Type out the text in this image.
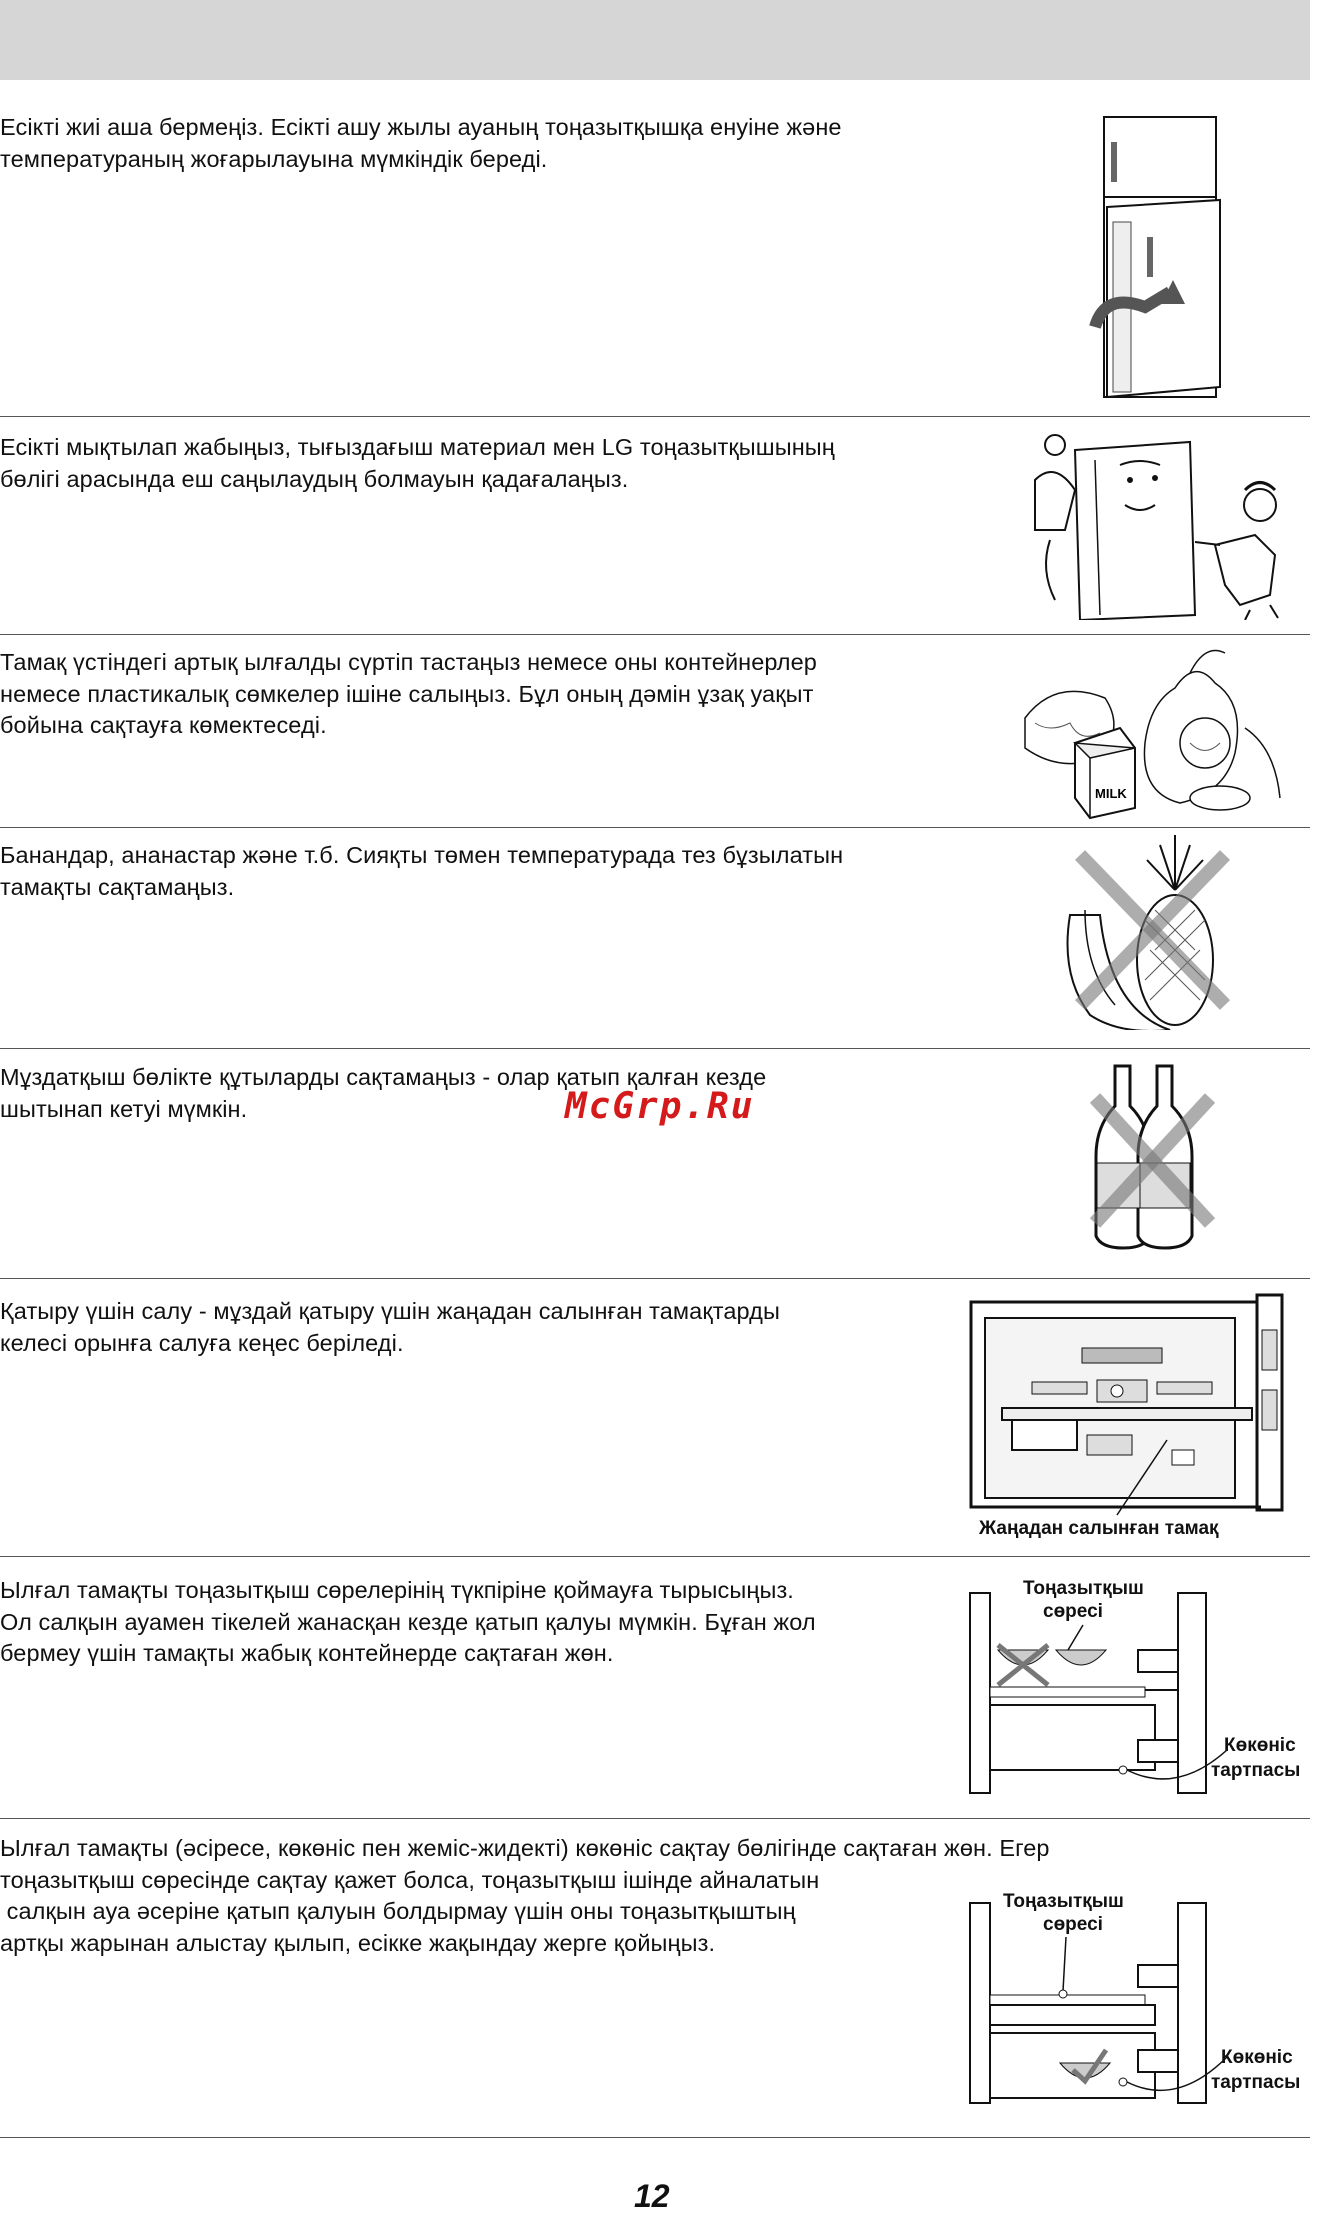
Есікті жиі аша бермеңіз. Есікті ашу жылы ауаның тоңазытқышқа енуіне және
температураның жоғарылауына мүмкіндік береді.
Есікті мықтылап жабыңыз, тығыздағыш материал мен LG тоңазытқышының
бөлігі арасында еш саңылаудың болмауын қадағалаңыз.
Тамақ үстіндегі артық ылғалды сүртіп тастаңыз немесе оны контейнерлер
немесе пластикалық сөмкелер ішіне салыңыз. Бұл оның дəмін ұзақ уақыт
бойына сақтауға көмектеседі.
MILK
Банандар, ананастар жəне т.б. Сияқты төмен температурада тез бұзылатын
тамақты сақтамаңыз.
Мұздатқыш бөлікте құтыларды сақтамаңыз - олар қатып қалған кезде
шытынап кетуі мүмкін.	McGrp.Ru
Қатыру үшін салу - мұздай қатыру үшін жаңадан салынған тамақтарды
келесі орынға салуға кеңес беріледі.
Жаңадан салынған тамақ
Ылғал тамақты тоңазытқыш сөрелерінің түкпіріне қоймауға тырысыңыз.
Ол салқын ауамен тікелей жанасқан кезде қатып қалуы мүмкін. Бұған жол
бермеу үшін тамақты жабық контейнерде сақтаған жөн.
Тоңазытқыш
сөресі
Көкөніс
тартпасы
Ылғал тамақты (əсіресе, көкөніс пен жеміс-жидекті) көкөніс сақтау бөлігінде сақтаған жөн. Егер
тоңазытқыш сөресінде сақтау қажет болса, тоңазытқыш ішінде айналатын
салқын ауа əсеріне қатып қалуын болдырмау үшін оны тоңазытқыштың
артқы жарынан алыстау қылып, есікке жақындау жерге қойыңыз.
Тоңазытқыш
сөресі
Көкөніс
тартпасы
12
